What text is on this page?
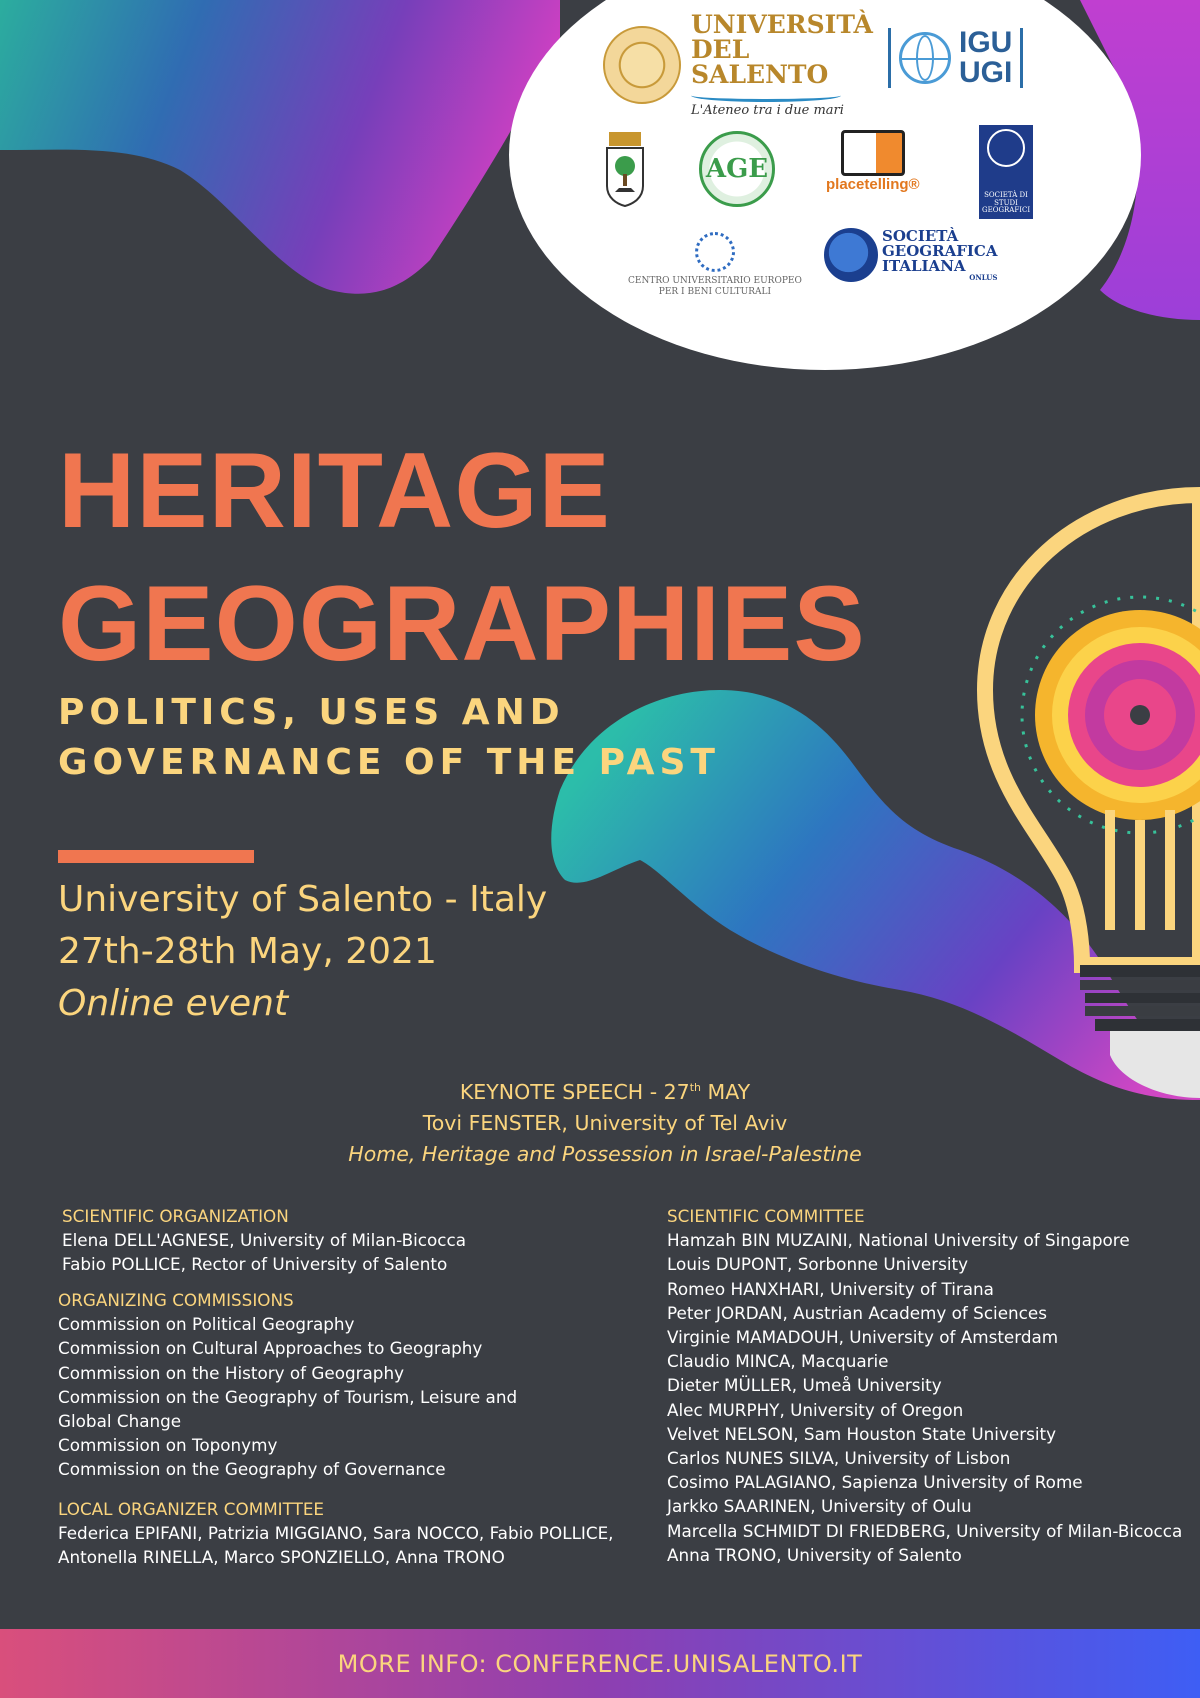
UNIVERSITÀ DEL SALENTO
L'Ateneo tra i due mari
IGU
UGI
AGE
placetelling®
SOCIETÀ DI STUDI GEOGRAFICI
CENTRO UNIVERSITARIO EUROPEO
PER I BENI CULTURALI
SOCIETÀ
GEOGRAFICA
ITALIANA
ONLUS
HERITAGE
GEOGRAPHIES
POLITICS, USES AND
GOVERNANCE OF THE PAST
University of Salento - Italy
27th-28th May, 2021
Online event
KEYNOTE SPEECH - 27th MAY
Tovi FENSTER, University of Tel Aviv
Home, Heritage and Possession in Israel-Palestine
SCIENTIFIC ORGANIZATION
Elena DELL'AGNESE, University of Milan-Bicocca
Fabio POLLICE, Rector of University of Salento
ORGANIZING COMMISSIONS
Commission on Political Geography
Commission on Cultural Approaches to Geography
Commission on the History of Geography
Commission on the Geography of Tourism, Leisure and
Global Change
Commission on Toponymy
Commission on the Geography of Governance
LOCAL ORGANIZER COMMITTEE
Federica EPIFANI, Patrizia MIGGIANO, Sara NOCCO, Fabio POLLICE,
Antonella RINELLA, Marco SPONZIELLO, Anna TRONO
SCIENTIFIC COMMITTEE
Hamzah BIN MUZAINI, National University of Singapore
Louis DUPONT, Sorbonne University
Romeo HANXHARI, University of Tirana
Peter JORDAN, Austrian Academy of Sciences
Virginie MAMADOUH, University of Amsterdam
Claudio MINCA, Macquarie
Dieter MÜLLER, Umeå University
Alec MURPHY, University of Oregon
Velvet NELSON, Sam Houston State University
Carlos NUNES SILVA, University of Lisbon
Cosimo PALAGIANO, Sapienza University of Rome
Jarkko SAARINEN, University of Oulu
Marcella SCHMIDT DI FRIEDBERG, University of Milan-Bicocca
Anna TRONO, University of Salento
MORE INFO: CONFERENCE.UNISALENTO.IT
